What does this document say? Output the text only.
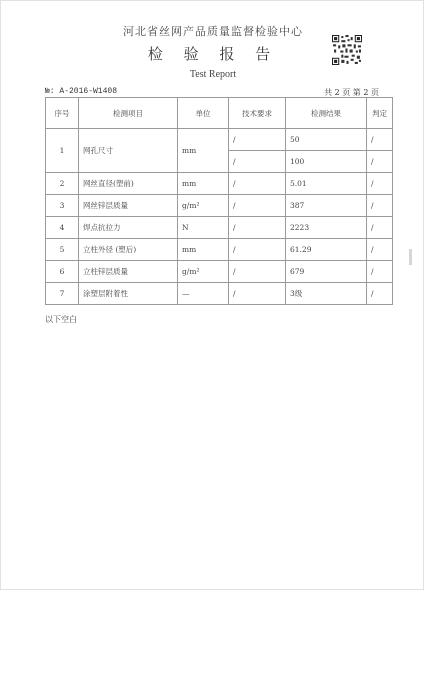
河北省丝网产品质量监督检验中心
检 验 报 告
Test Report
№: A-2016-W1408	共 2 页 第 2 页
序号	检测项目	单位	技术要求	检测结果	判定
1	网孔尺寸	mm	/	50	/
			/	100	/
2	网丝直径(塑前)	mm	/	5.01	/
3	网丝锌层质量	g/m²	/	387	/
4	焊点抗拉力	N	/	2223	/
5	立柱外径 (塑后)	mm	/	61.29	/
6	立柱锌层质量	g/m²	/	679	/
7	涂塑层附着性	—	/	3级	/
以下空白
